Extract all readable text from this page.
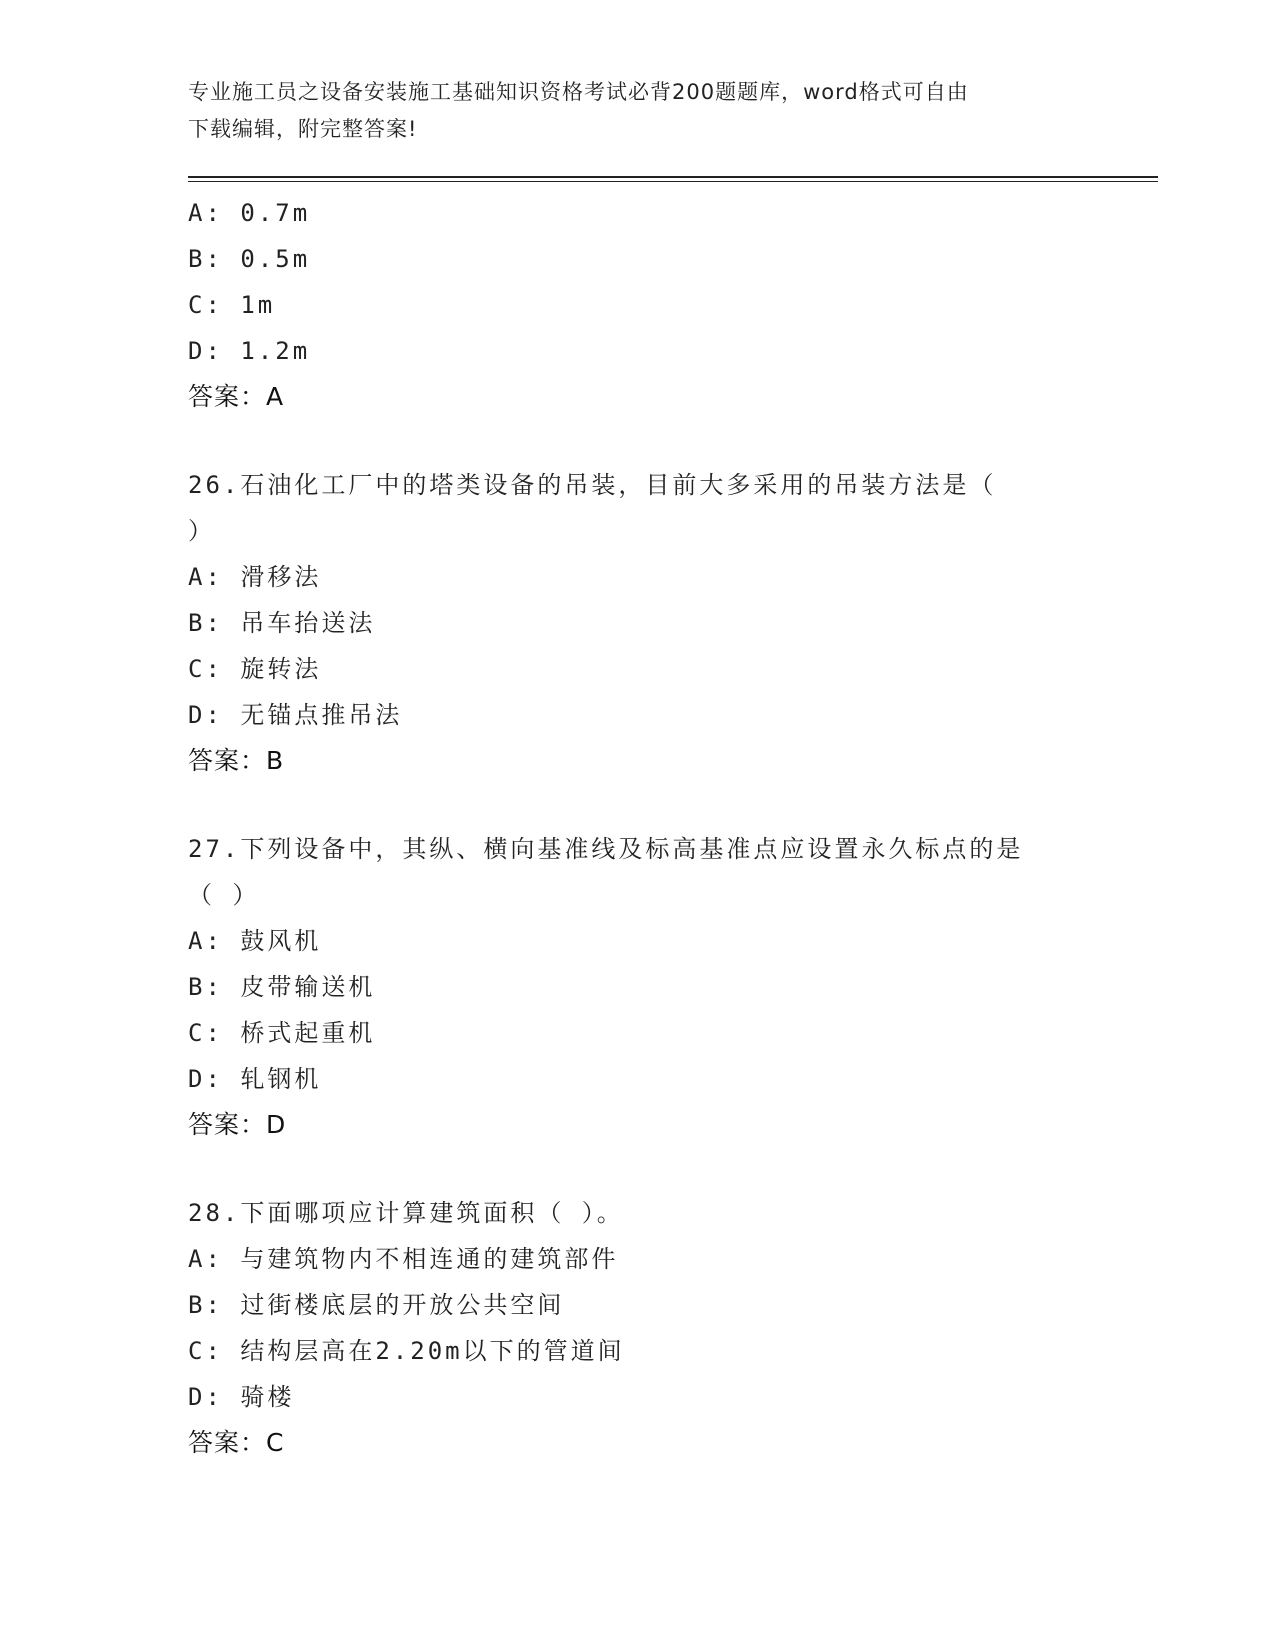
专业施工员之设备安装施工基础知识资格考试必背200题题库，word格式可自由
下载编辑，附完整答案!
A: 0.7m
B: 0.5m
C: 1m
D: 1.2m
答案：A
26.石油化工厂中的塔类设备的吊装，目前大多采用的吊装方法是（
）
A: 滑移法
B: 吊车抬送法
C: 旋转法
D: 无锚点推吊法
答案：B
27.下列设备中，其纵、横向基准线及标高基准点应设置永久标点的是
（ ）
A: 鼓风机
B: 皮带输送机
C: 桥式起重机
D: 轧钢机
答案：D
28.下面哪项应计算建筑面积（ ）。
A: 与建筑物内不相连通的建筑部件
B: 过街楼底层的开放公共空间
C: 结构层高在2.20m以下的管道间
D: 骑楼
答案：C
